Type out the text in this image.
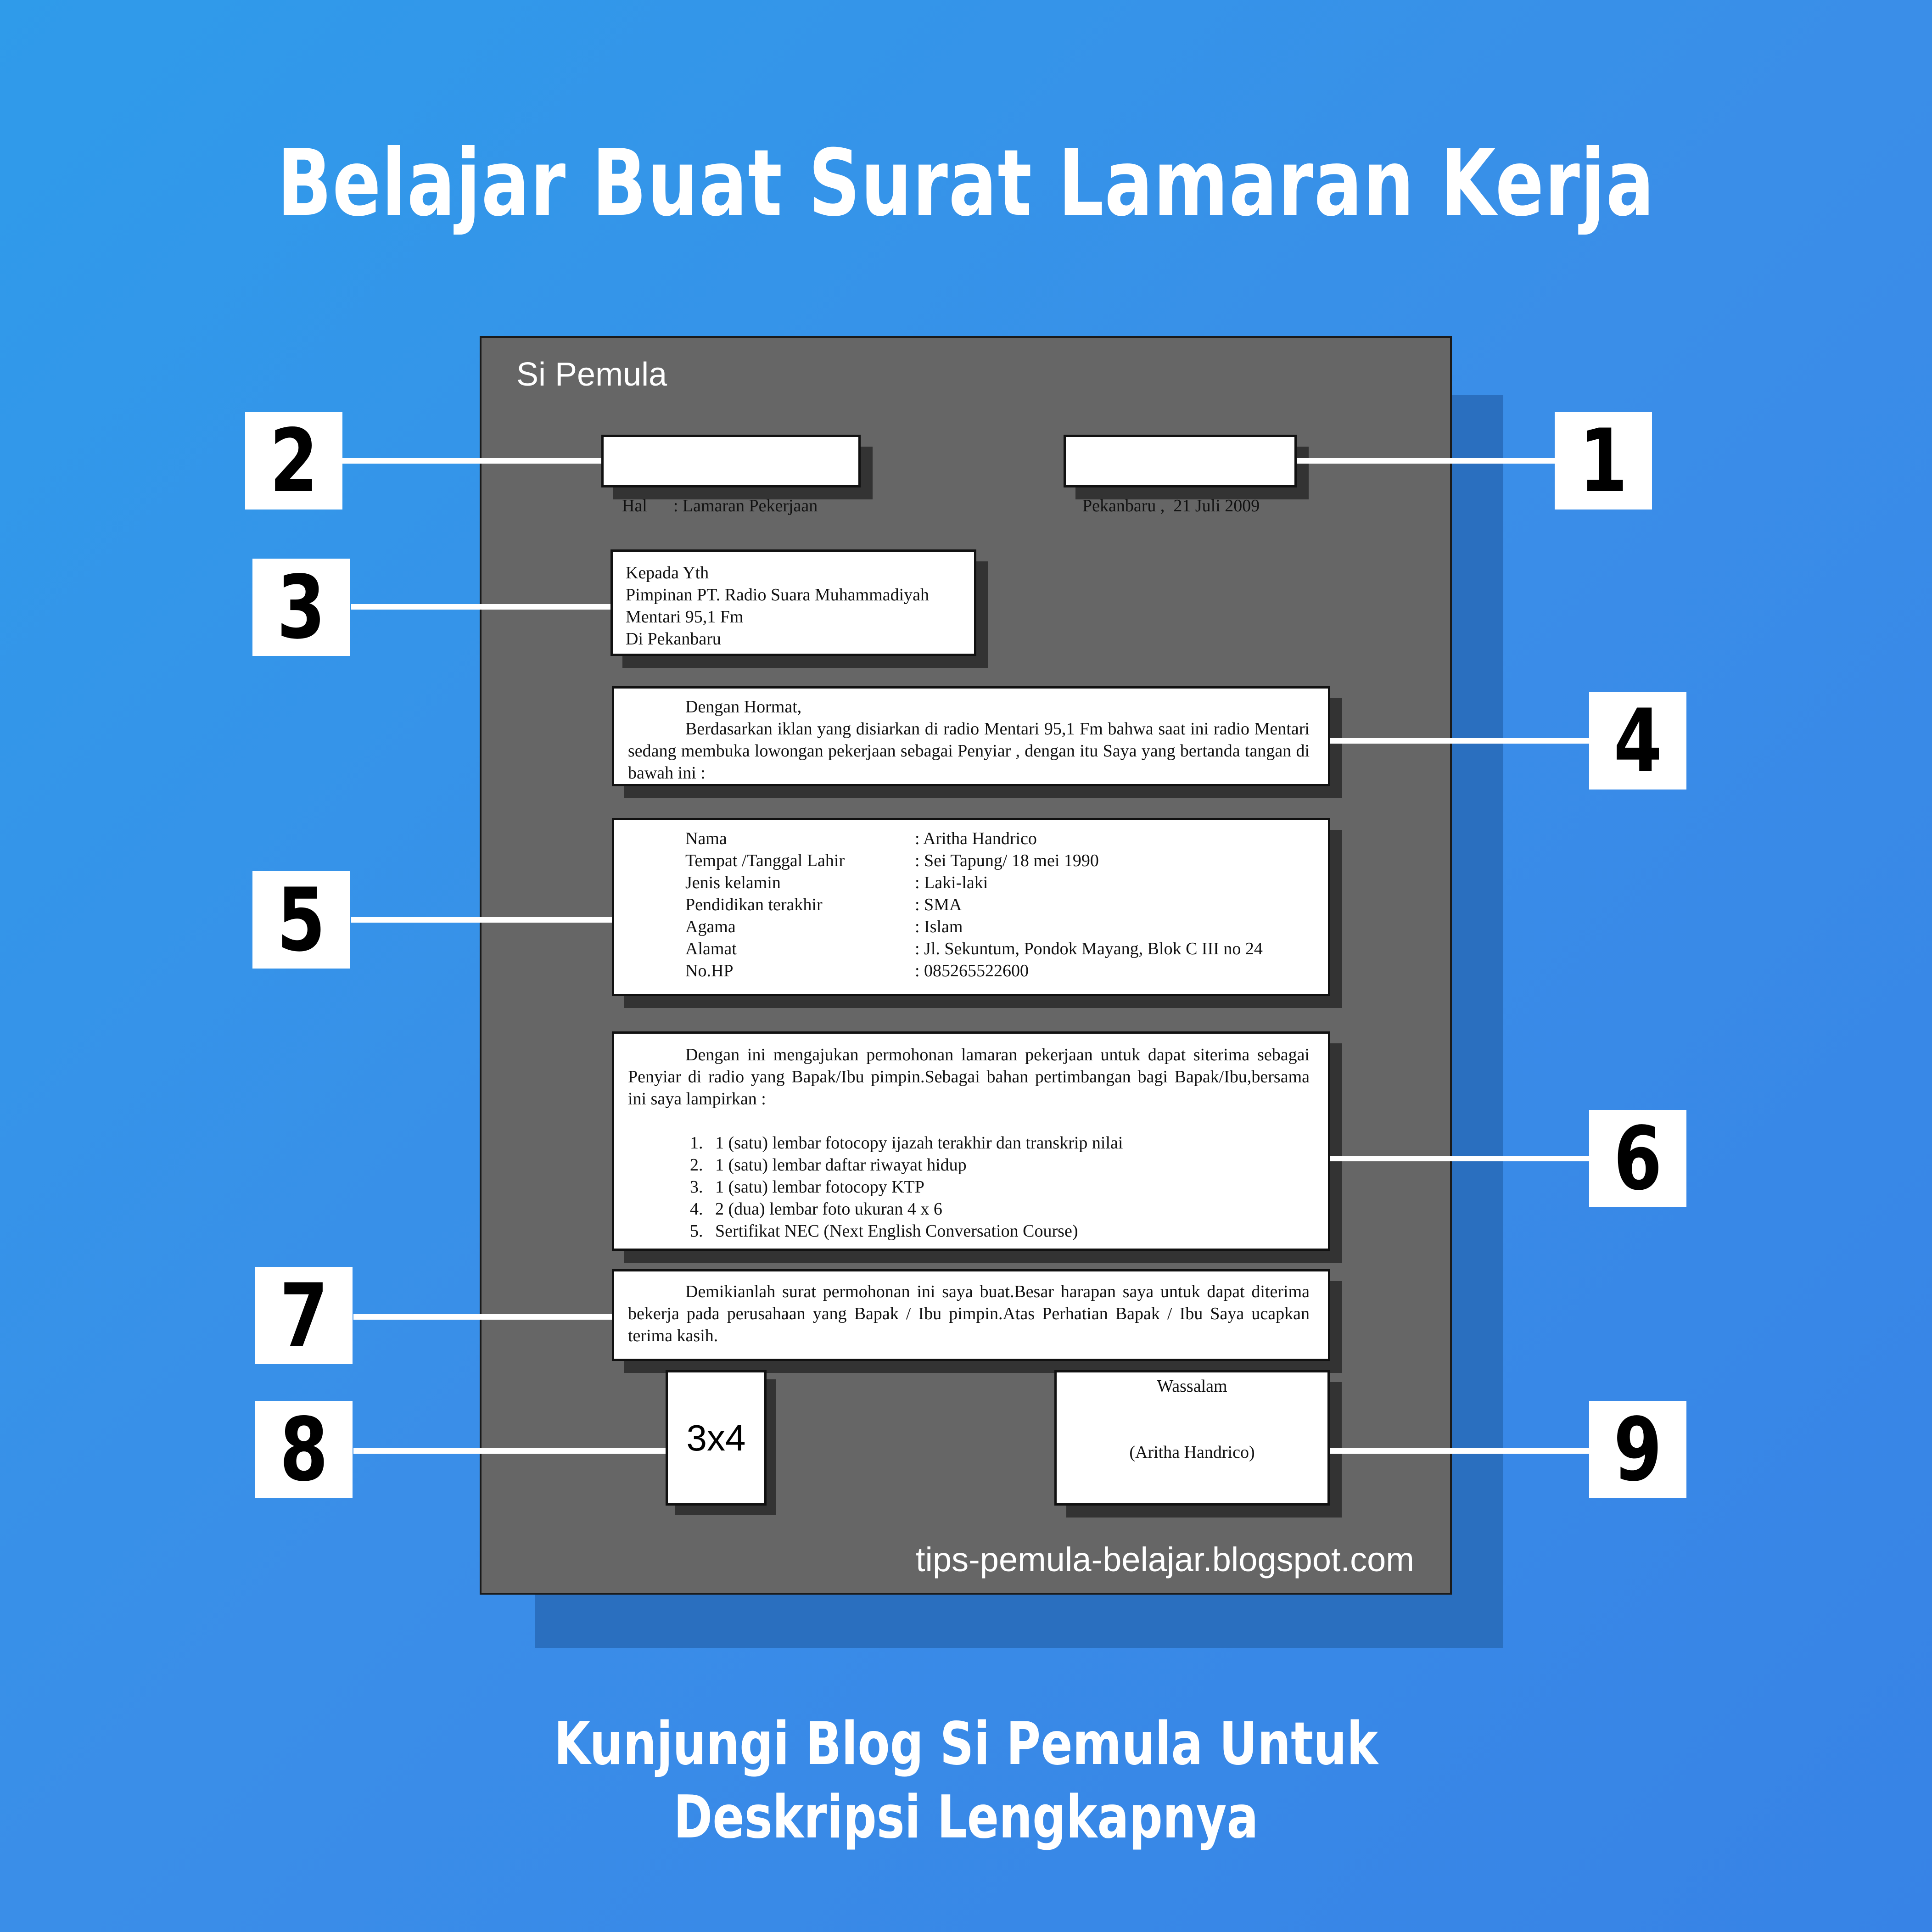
Belajar Buat Surat Lamaran Kerja
Si Pemula

Hal      : Lamaran Pekerjaan

	Pekanbaru ,  21 Juli 2009

Kepada Yth

Pimpinan PT. Radio Suara Muhammadiyah

Mentari 95,1 Fm

Di Pekanbaru

Dengan Hormat,

Berdasarkan iklan yang disiarkan di radio Mentari 95,1 Fm bahwa saat ini radio Mentari sedang membuka lowongan pekerjaan sebagai Penyiar , dengan itu Saya yang bertanda tangan di bawah ini :

Nama	: Aritha Handrico
Tempat /Tanggal Lahir	: Sei Tapung/ 18 mei 1990
Jenis kelamin	: Laki-laki
Pendidikan terakhir	: SMA
Agama	: Islam
Alamat	: Jl. Sekuntum, Pondok Mayang, Blok C III no 24
No.HP	: 085265522600

Dengan ini mengajukan permohonan lamaran pekerjaan untuk dapat siterima sebagai Penyiar di radio yang Bapak/Ibu pimpin.Sebagai bahan pertimbangan bagi Bapak/Ibu,bersama ini saya lampirkan :

1. 1 (satu) lembar fotocopy ijazah terakhir dan transkrip nilai
2. 1 (satu) lembar daftar riwayat hidup
3. 1 (satu) lembar fotocopy KTP
4. 2 (dua) lembar foto ukuran 4 x 6
5. Sertifikat NEC (Next English Conversation Course)

Demikianlah surat permohonan ini saya buat.Besar harapan saya untuk dapat diterima bekerja pada perusahaan yang Bapak / Ibu pimpin.Atas Perhatian Bapak / Ibu Saya ucapkan terima kasih.

3x4

Wassalam

(Aritha Handrico)

tips-pemula-belajar.blogspot.com
1
2
3
4
5
6
7
8	9
Kunjungi Blog Si Pemula Untuk
Deskripsi Lengkapnya
